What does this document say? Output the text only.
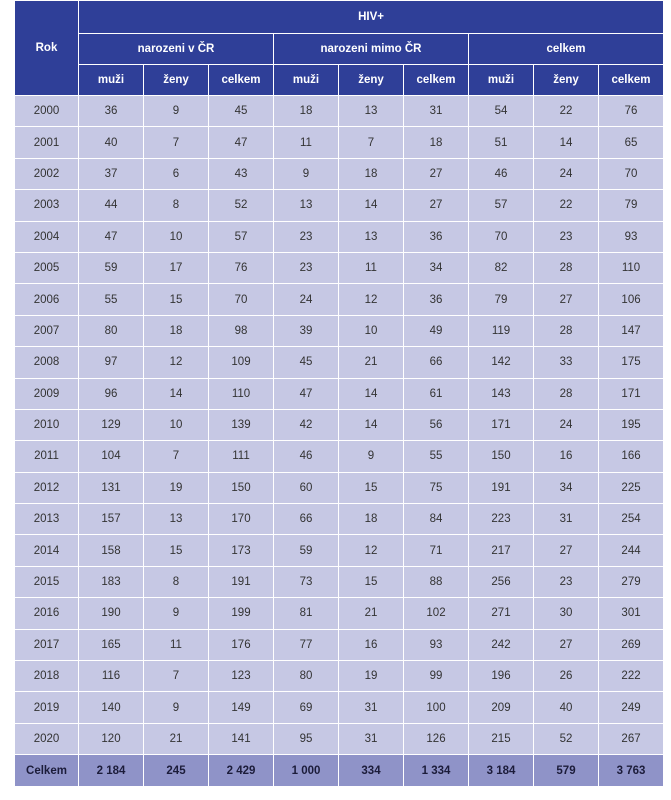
Rok	HIV+								
	narozeni v ČR			narozeni mimo ČR			celkem		
	muži	ženy	celkem	muži	ženy	celkem	muži	ženy	celkem
2000	36	9	45	18	13	31	54	22	76
2001	40	7	47	11	7	18	51	14	65
2002	37	6	43	9	18	27	46	24	70
2003	44	8	52	13	14	27	57	22	79
2004	47	10	57	23	13	36	70	23	93
2005	59	17	76	23	11	34	82	28	110
2006	55	15	70	24	12	36	79	27	106
2007	80	18	98	39	10	49	119	28	147
2008	97	12	109	45	21	66	142	33	175
2009	96	14	110	47	14	61	143	28	171
2010	129	10	139	42	14	56	171	24	195
2011	104	7	111	46	9	55	150	16	166
2012	131	19	150	60	15	75	191	34	225
2013	157	13	170	66	18	84	223	31	254
2014	158	15	173	59	12	71	217	27	244
2015	183	8	191	73	15	88	256	23	279
2016	190	9	199	81	21	102	271	30	301
2017	165	11	176	77	16	93	242	27	269
2018	116	7	123	80	19	99	196	26	222
2019	140	9	149	69	31	100	209	40	249
2020	120	21	141	95	31	126	215	52	267
Celkem	2 184	245	2 429	1 000	334	1 334	3 184	579	3 763
